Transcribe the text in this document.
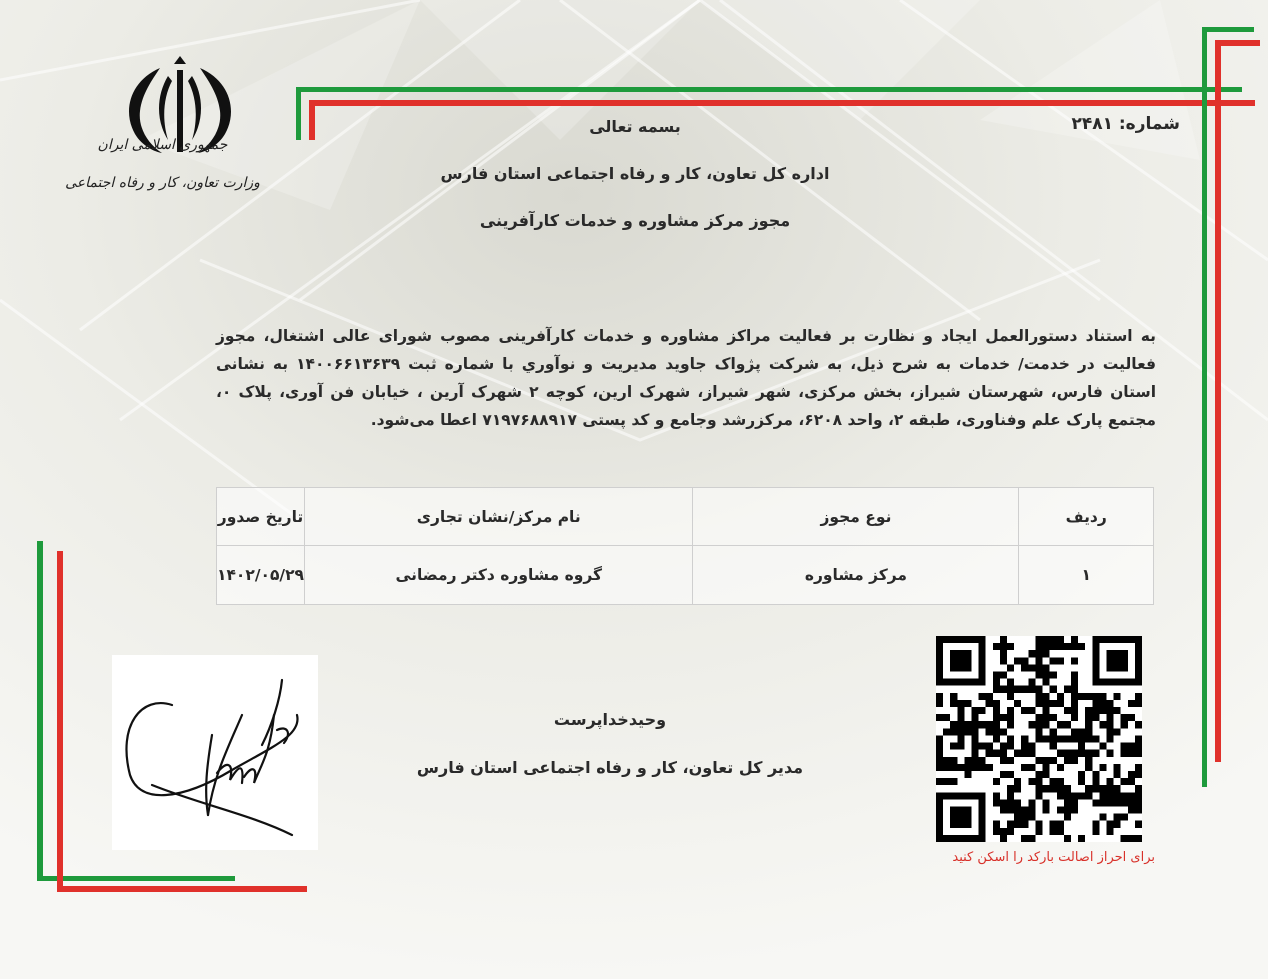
جمهوری اسلامی ایران
وزارت تعاون، کار و رفاه اجتماعی
شماره: ۲۴۸۱
بسمه تعالی
اداره کل تعاون، کار و رفاه اجتماعی استان فارس
مجوز مرکز مشاوره و خدمات کارآفرینی
به استناد دستورالعمل ایجاد و نظارت بر فعالیت مراکز مشاوره و خدمات کارآفرینی مصوب شورای عالی اشتغال، مجوز فعالیت در خدمت/ خدمات به شرح ذیل، به شرکت پژواک جاوید مدیریت و نوآوري با شماره ثبت ۱۴۰۰۶۶۱۳۶۳۹ به نشانی استان فارس، شهرستان شیراز، بخش مرکزی، شهر شیراز، شهرک ارین، کوچه ۲ شهرک آرین ، خیابان فن آوری، پلاک ۰، مجتمع پارک علم وفناوری، طبقه ۲، واحد ۶۲۰۸، مرکزرشد وجامع و کد پستی ۷۱۹۷۶۸۸۹۱۷ اعطا می‌شود.
ردیف	نوع مجوز	نام مرکز/نشان تجاری	تاریخ صدور
۱	مرکز مشاوره	گروه مشاوره دکتر رمضانی	۱۴۰۲/۰۵/۲۹
وحیدخداپرست
مدیر کل تعاون، کار و رفاه اجتماعی استان فارس
برای احراز اصالت بارکد را اسکن کنید
